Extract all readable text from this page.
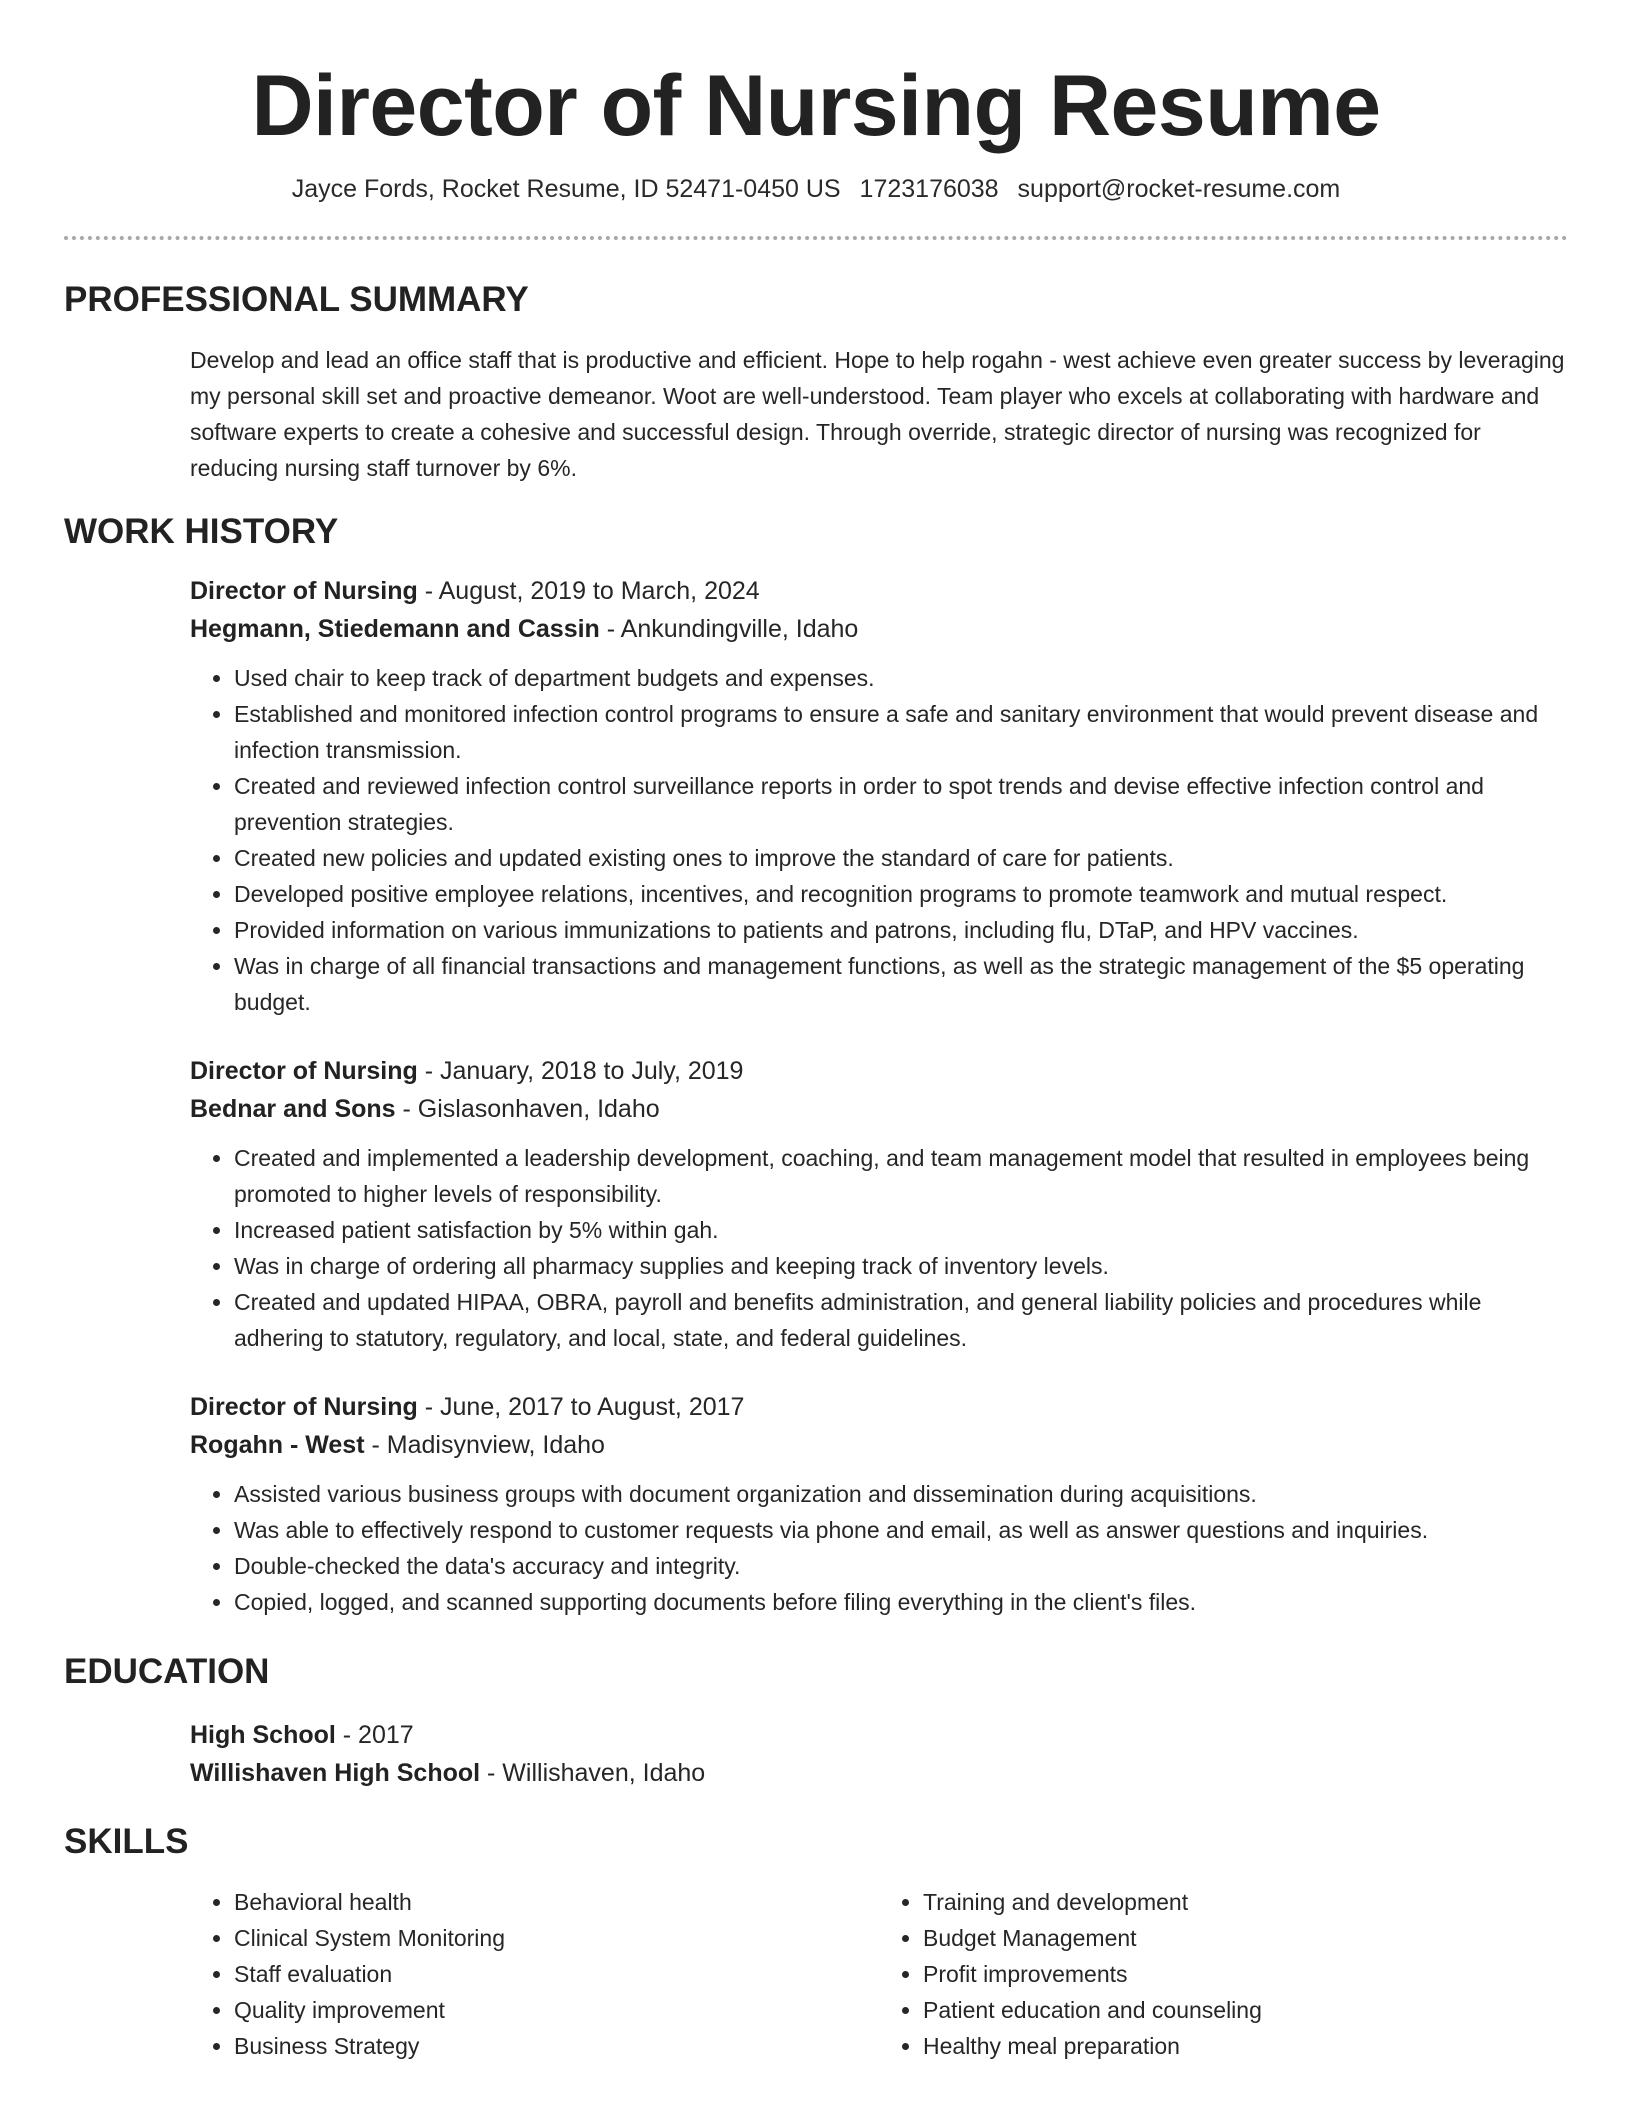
Director of Nursing Resume
Jayce Fords, Rocket Resume, ID 52471-0450 US 1723176038 support@rocket-resume.com
PROFESSIONAL SUMMARY

Develop and lead an office staff that is productive and efficient. Hope to help rogahn - west achieve even greater success by leveraging my personal skill set and proactive demeanor. Woot are well-understood. Team player who excels at collaborating with hardware and software experts to create a cohesive and successful design. Through override, strategic director of nursing was recognized for reducing nursing staff turnover by 6%.

WORK HISTORY
Director of Nursing - August, 2019 to March, 2024
Hegmann, Stiedemann and Cassin - Ankundingville, Idaho
• Used chair to keep track of department budgets and expenses.
• Established and monitored infection control programs to ensure a safe and sanitary environment that would prevent disease and infection transmission.
• Created and reviewed infection control surveillance reports in order to spot trends and devise effective infection control and prevention strategies.
• Created new policies and updated existing ones to improve the standard of care for patients.
• Developed positive employee relations, incentives, and recognition programs to promote teamwork and mutual respect.
• Provided information on various immunizations to patients and patrons, including flu, DTaP, and HPV vaccines.
• Was in charge of all financial transactions and management functions, as well as the strategic management of the $5 operating budget.
Director of Nursing - January, 2018 to July, 2019
Bednar and Sons - Gislasonhaven, Idaho
• Created and implemented a leadership development, coaching, and team management model that resulted in employees being promoted to higher levels of responsibility.
• Increased patient satisfaction by 5% within gah.
• Was in charge of ordering all pharmacy supplies and keeping track of inventory levels.
• Created and updated HIPAA, OBRA, payroll and benefits administration, and general liability policies and procedures while adhering to statutory, regulatory, and local, state, and federal guidelines.
Director of Nursing - June, 2017 to August, 2017
Rogahn - West - Madisynview, Idaho
• Assisted various business groups with document organization and dissemination during acquisitions.
• Was able to effectively respond to customer requests via phone and email, as well as answer questions and inquiries.
• Double-checked the data's accuracy and integrity.
• Copied, logged, and scanned supporting documents before filing everything in the client's files.
EDUCATION
High School - 2017
Willishaven High School - Willishaven, Idaho
SKILLS
• Behavioral health
• Clinical System Monitoring
• Staff evaluation
• Quality improvement
• Business Strategy
• Training and development
• Budget Management
• Profit improvements
• Patient education and counseling
• Healthy meal preparation
